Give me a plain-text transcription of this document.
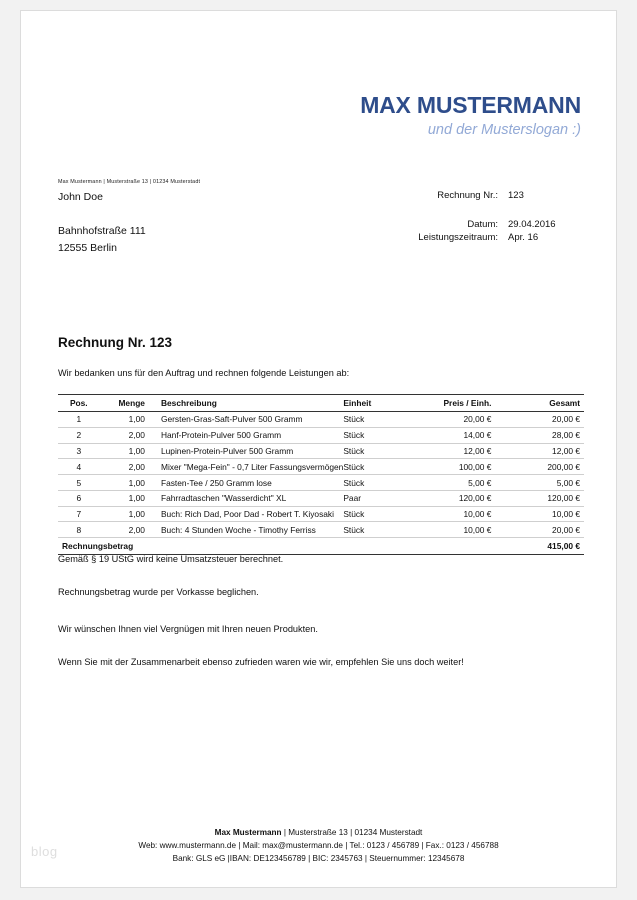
MAX MUSTERMANN
und der Musterslogan :)
Max Mustermann | Musterstraße 13 | 01234 Musterstadt
John Doe
Bahnhofstraße 111
12555 Berlin
Rechnung Nr.:	123
Datum:	29.04.2016
Leistungszeitraum:	Apr. 16
Rechnung Nr. 123
Wir bedanken uns für den Auftrag und rechnen folgende Leistungen ab:
Pos.	Menge	Beschreibung	Einheit	Preis / Einh.	Gesamt
1	1,00	Gersten-Gras-Saft-Pulver 500 Gramm	Stück	20,00 €	20,00 €
2	2,00	Hanf-Protein-Pulver 500 Gramm	Stück	14,00 €	28,00 €
3	1,00	Lupinen-Protein-Pulver 500 Gramm	Stück	12,00 €	12,00 €
4	2,00	Mixer "Mega-Fein" - 0,7 Liter Fassungsvermögen	Stück	100,00 €	200,00 €
5	1,00	Fasten-Tee / 250 Gramm lose	Stück	5,00 €	5,00 €
6	1,00	Fahrradtaschen "Wasserdicht" XL	Paar	120,00 €	120,00 €
7	1,00	Buch: Rich Dad, Poor Dad - Robert T. Kiyosaki	Stück	10,00 €	10,00 €
8	2,00	Buch: 4 Stunden Woche - Timothy Ferriss	Stück	10,00 €	20,00 €
Rechnungsbetrag					415,00 €

Gemäß § 19 UStG wird keine Umsatzsteuer berechnet.

Rechnungsbetrag wurde per Vorkasse beglichen.

Wir wünschen Ihnen viel Vergnügen mit Ihren neuen Produkten.

Wenn Sie mit der Zusammenarbeit ebenso zufrieden waren wie wir, empfehlen Sie uns doch weiter!

blog
Max Mustermann | Musterstraße 13 | 01234 Musterstadt
Web: www.mustermann.de | Mail: max@mustermann.de | Tel.: 0123 / 456789 | Fax.: 0123 / 456788
Bank: GLS eG |IBAN: DE123456789 | BIC: 2345763 | Steuernummer: 12345678
